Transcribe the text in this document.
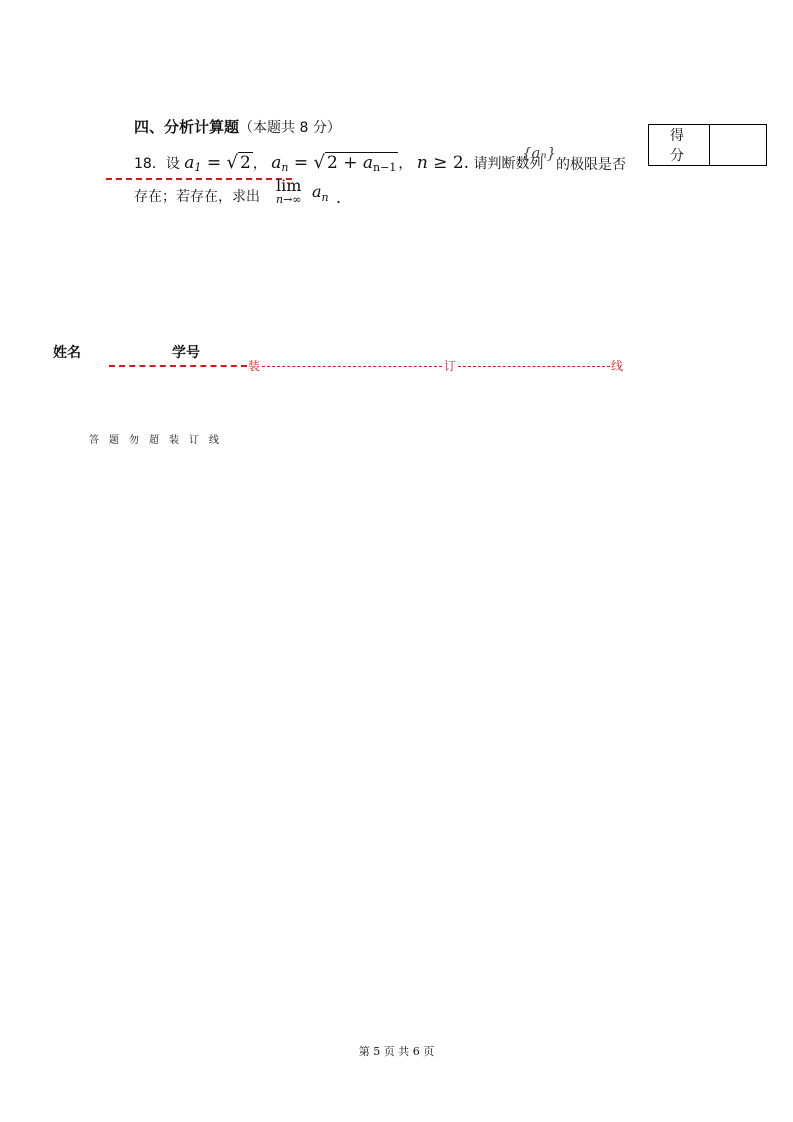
四、分析计算题（本题共 8 分）	得 分	
18．设 $a_1$ = √ 2 ， $a_n$ = √ $2 + a_{n-1}$ ， n ≥ 2. 请判断数列
{aₙ}
的极限是否
存在；若存在，求出
lim
n→∞ $a_n$ .
姓名	学号
装	订	线
答题勿超装订线
第 5 页 共 6 页
